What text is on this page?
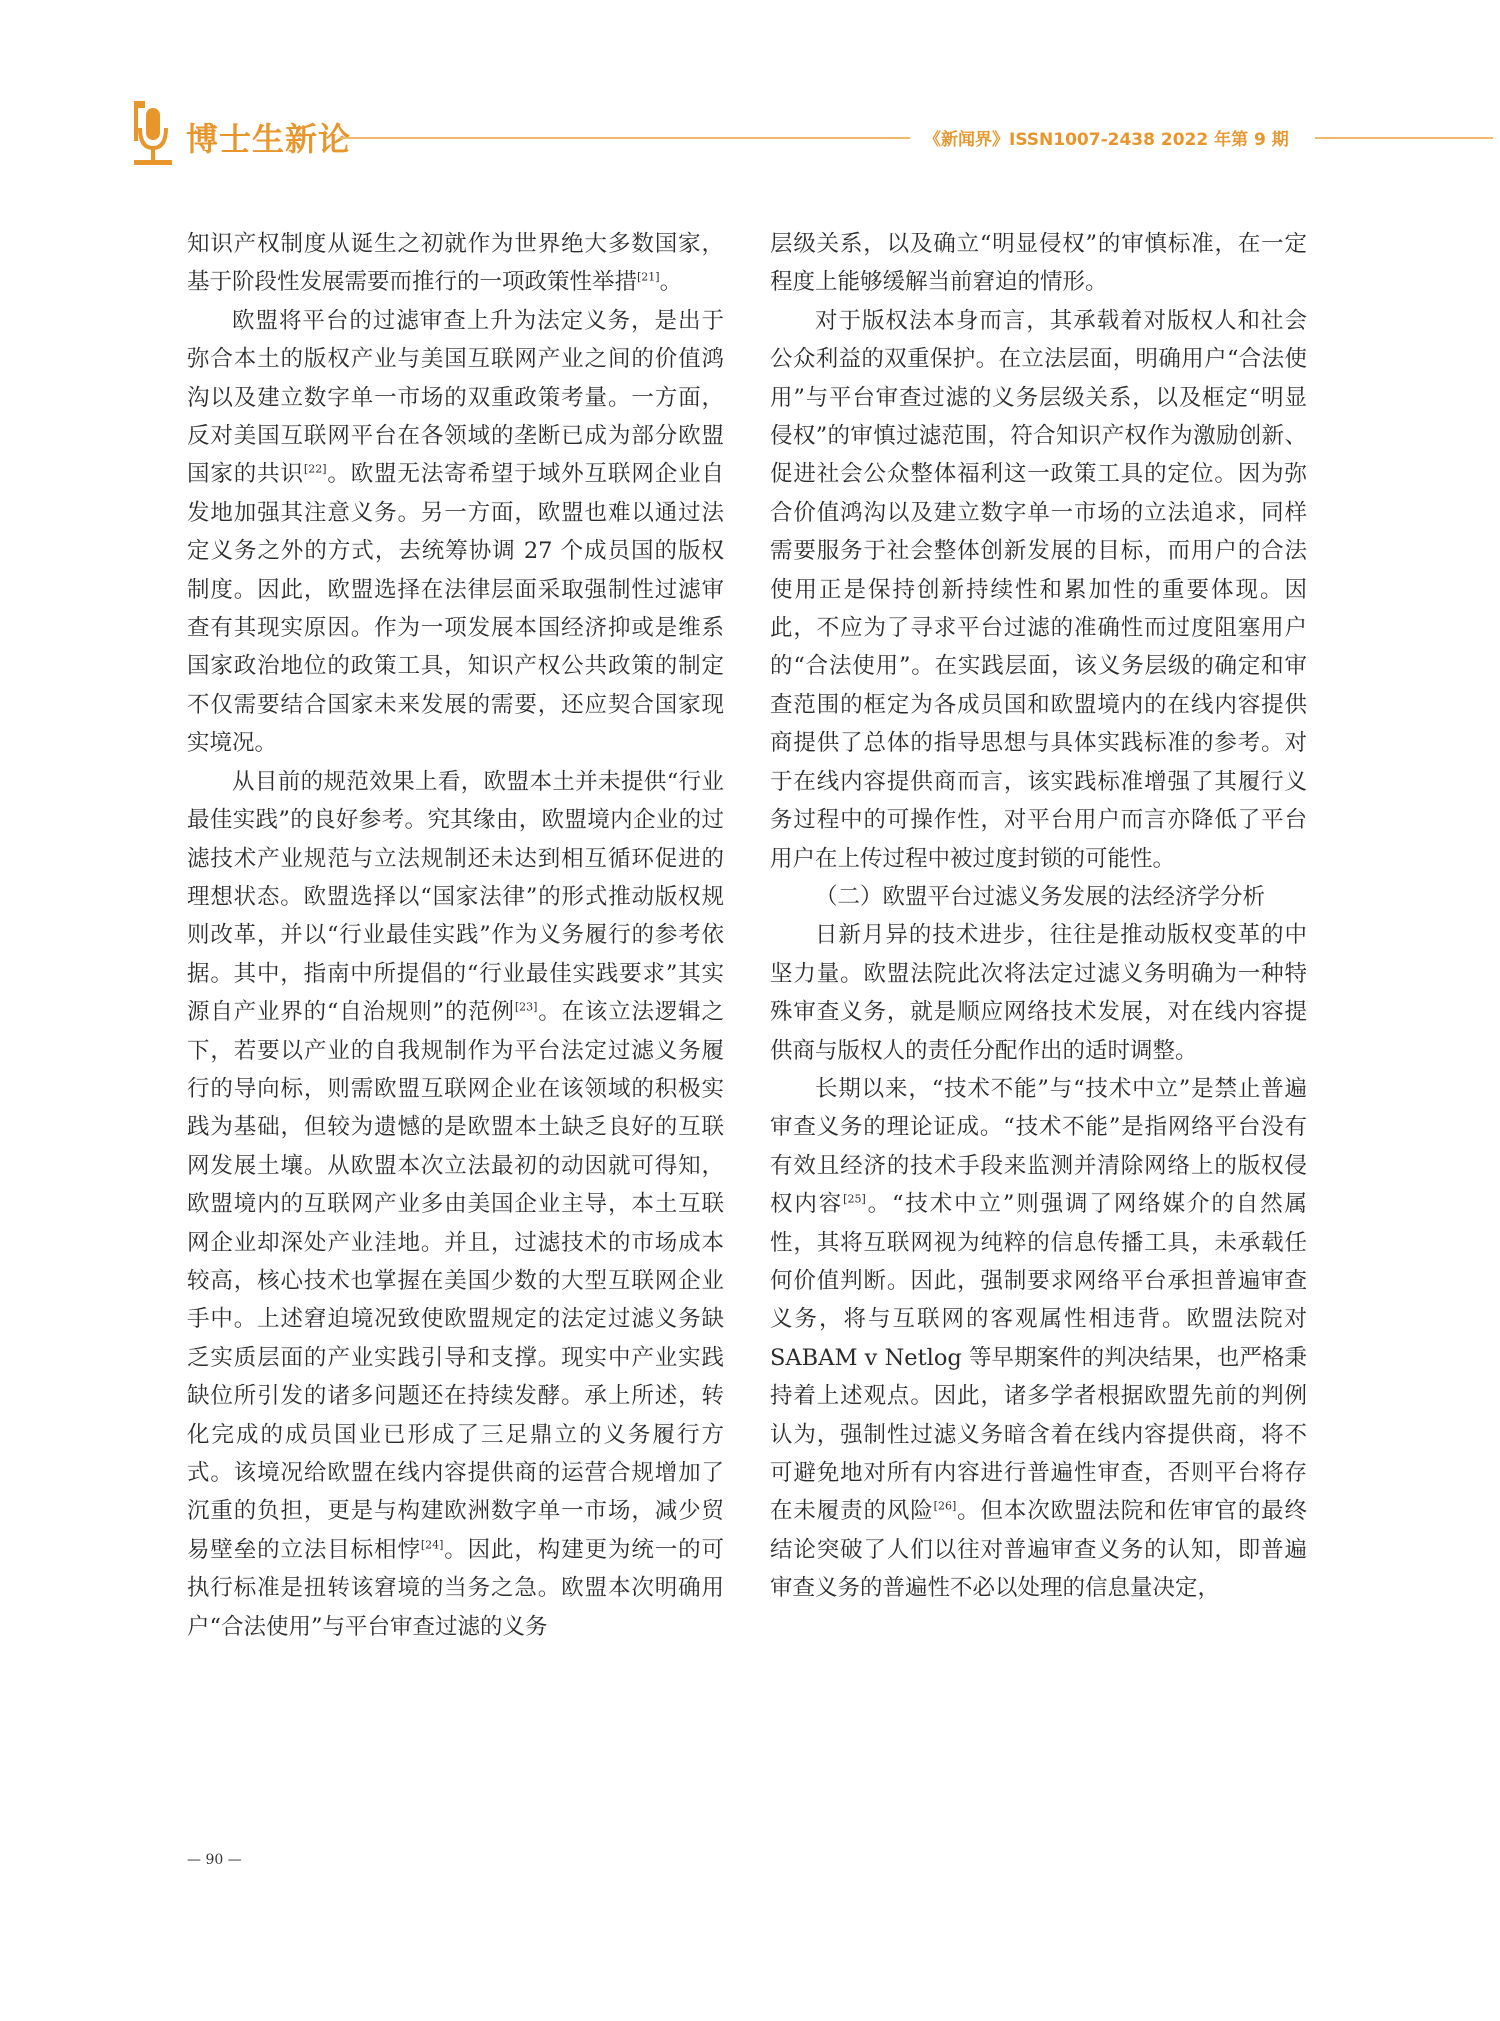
博士生新论	《新闻界》ISSN1007-2438 2022 年第 9 期

知识产权制度从诞生之初就作为世界绝大多数国家，基于阶段性发展需要而推行的一项政策性举措[21]。

欧盟将平台的过滤审查上升为法定义务，是出于弥合本土的版权产业与美国互联网产业之间的价值鸿沟以及建立数字单一市场的双重政策考量。一方面，反对美国互联网平台在各领域的垄断已成为部分欧盟国家的共识[22]。欧盟无法寄希望于域外互联网企业自发地加强其注意义务。另一方面，欧盟也难以通过法定义务之外的方式，去统筹协调 27 个成员国的版权制度。因此，欧盟选择在法律层面采取强制性过滤审查有其现实原因。作为一项发展本国经济抑或是维系国家政治地位的政策工具，知识产权公共政策的制定不仅需要结合国家未来发展的需要，还应契合国家现实境况。

从目前的规范效果上看，欧盟本土并未提供“行业最佳实践”的良好参考。究其缘由，欧盟境内企业的过滤技术产业规范与立法规制还未达到相互循环促进的理想状态。欧盟选择以“国家法律”的形式推动版权规则改革，并以“行业最佳实践”作为义务履行的参考依据。其中，指南中所提倡的“行业最佳实践要求”其实源自产业界的“自治规则”的范例[23]。在该立法逻辑之下，若要以产业的自我规制作为平台法定过滤义务履行的导向标，则需欧盟互联网企业在该领域的积极实践为基础，但较为遗憾的是欧盟本土缺乏良好的互联网发展土壤。从欧盟本次立法最初的动因就可得知，欧盟境内的互联网产业多由美国企业主导，本土互联网企业却深处产业洼地。并且，过滤技术的市场成本较高，核心技术也掌握在美国少数的大型互联网企业手中。上述窘迫境况致使欧盟规定的法定过滤义务缺乏实质层面的产业实践引导和支撑。现实中产业实践缺位所引发的诸多问题还在持续发酵。承上所述，转化完成的成员国业已形成了三足鼎立的义务履行方式。该境况给欧盟在线内容提供商的运营合规增加了沉重的负担，更是与构建欧洲数字单一市场，减少贸易壁垒的立法目标相悖[24]。因此，构建更为统一的可执行标准是扭转该窘境的当务之急。欧盟本次明确用户“合法使用”与平台审查过滤的义务

层级关系，以及确立“明显侵权”的审慎标准，在一定程度上能够缓解当前窘迫的情形。

对于版权法本身而言，其承载着对版权人和社会公众利益的双重保护。在立法层面，明确用户“合法使用”与平台审查过滤的义务层级关系，以及框定“明显侵权”的审慎过滤范围，符合知识产权作为激励创新、促进社会公众整体福利这一政策工具的定位。因为弥合价值鸿沟以及建立数字单一市场的立法追求，同样需要服务于社会整体创新发展的目标，而用户的合法使用正是保持创新持续性和累加性的重要体现。因此，不应为了寻求平台过滤的准确性而过度阻塞用户的“合法使用”。在实践层面，该义务层级的确定和审查范围的框定为各成员国和欧盟境内的在线内容提供商提供了总体的指导思想与具体实践标准的参考。对于在线内容提供商而言，该实践标准增强了其履行义务过程中的可操作性，对平台用户而言亦降低了平台用户在上传过程中被过度封锁的可能性。

（二）欧盟平台过滤义务发展的法经济学分析

日新月异的技术进步，往往是推动版权变革的中坚力量。欧盟法院此次将法定过滤义务明确为一种特殊审查义务，就是顺应网络技术发展，对在线内容提供商与版权人的责任分配作出的适时调整。

长期以来，“技术不能”与“技术中立”是禁止普遍审查义务的理论证成。“技术不能”是指网络平台没有有效且经济的技术手段来监测并清除网络上的版权侵权内容[25]。“技术中立”则强调了网络媒介的自然属性，其将互联网视为纯粹的信息传播工具，未承载任何价值判断。因此，强制要求网络平台承担普遍审查义务，将与互联网的客观属性相违背。欧盟法院对 SABAM v Netlog 等早期案件的判决结果，也严格秉持着上述观点。因此，诸多学者根据欧盟先前的判例认为，强制性过滤义务暗含着在线内容提供商，将不可避免地对所有内容进行普遍性审查，否则平台将存在未履责的风险[26]。但本次欧盟法院和佐审官的最终结论突破了人们以往对普遍审查义务的认知，即普遍审查义务的普遍性不必以处理的信息量决定，

— 90 —
